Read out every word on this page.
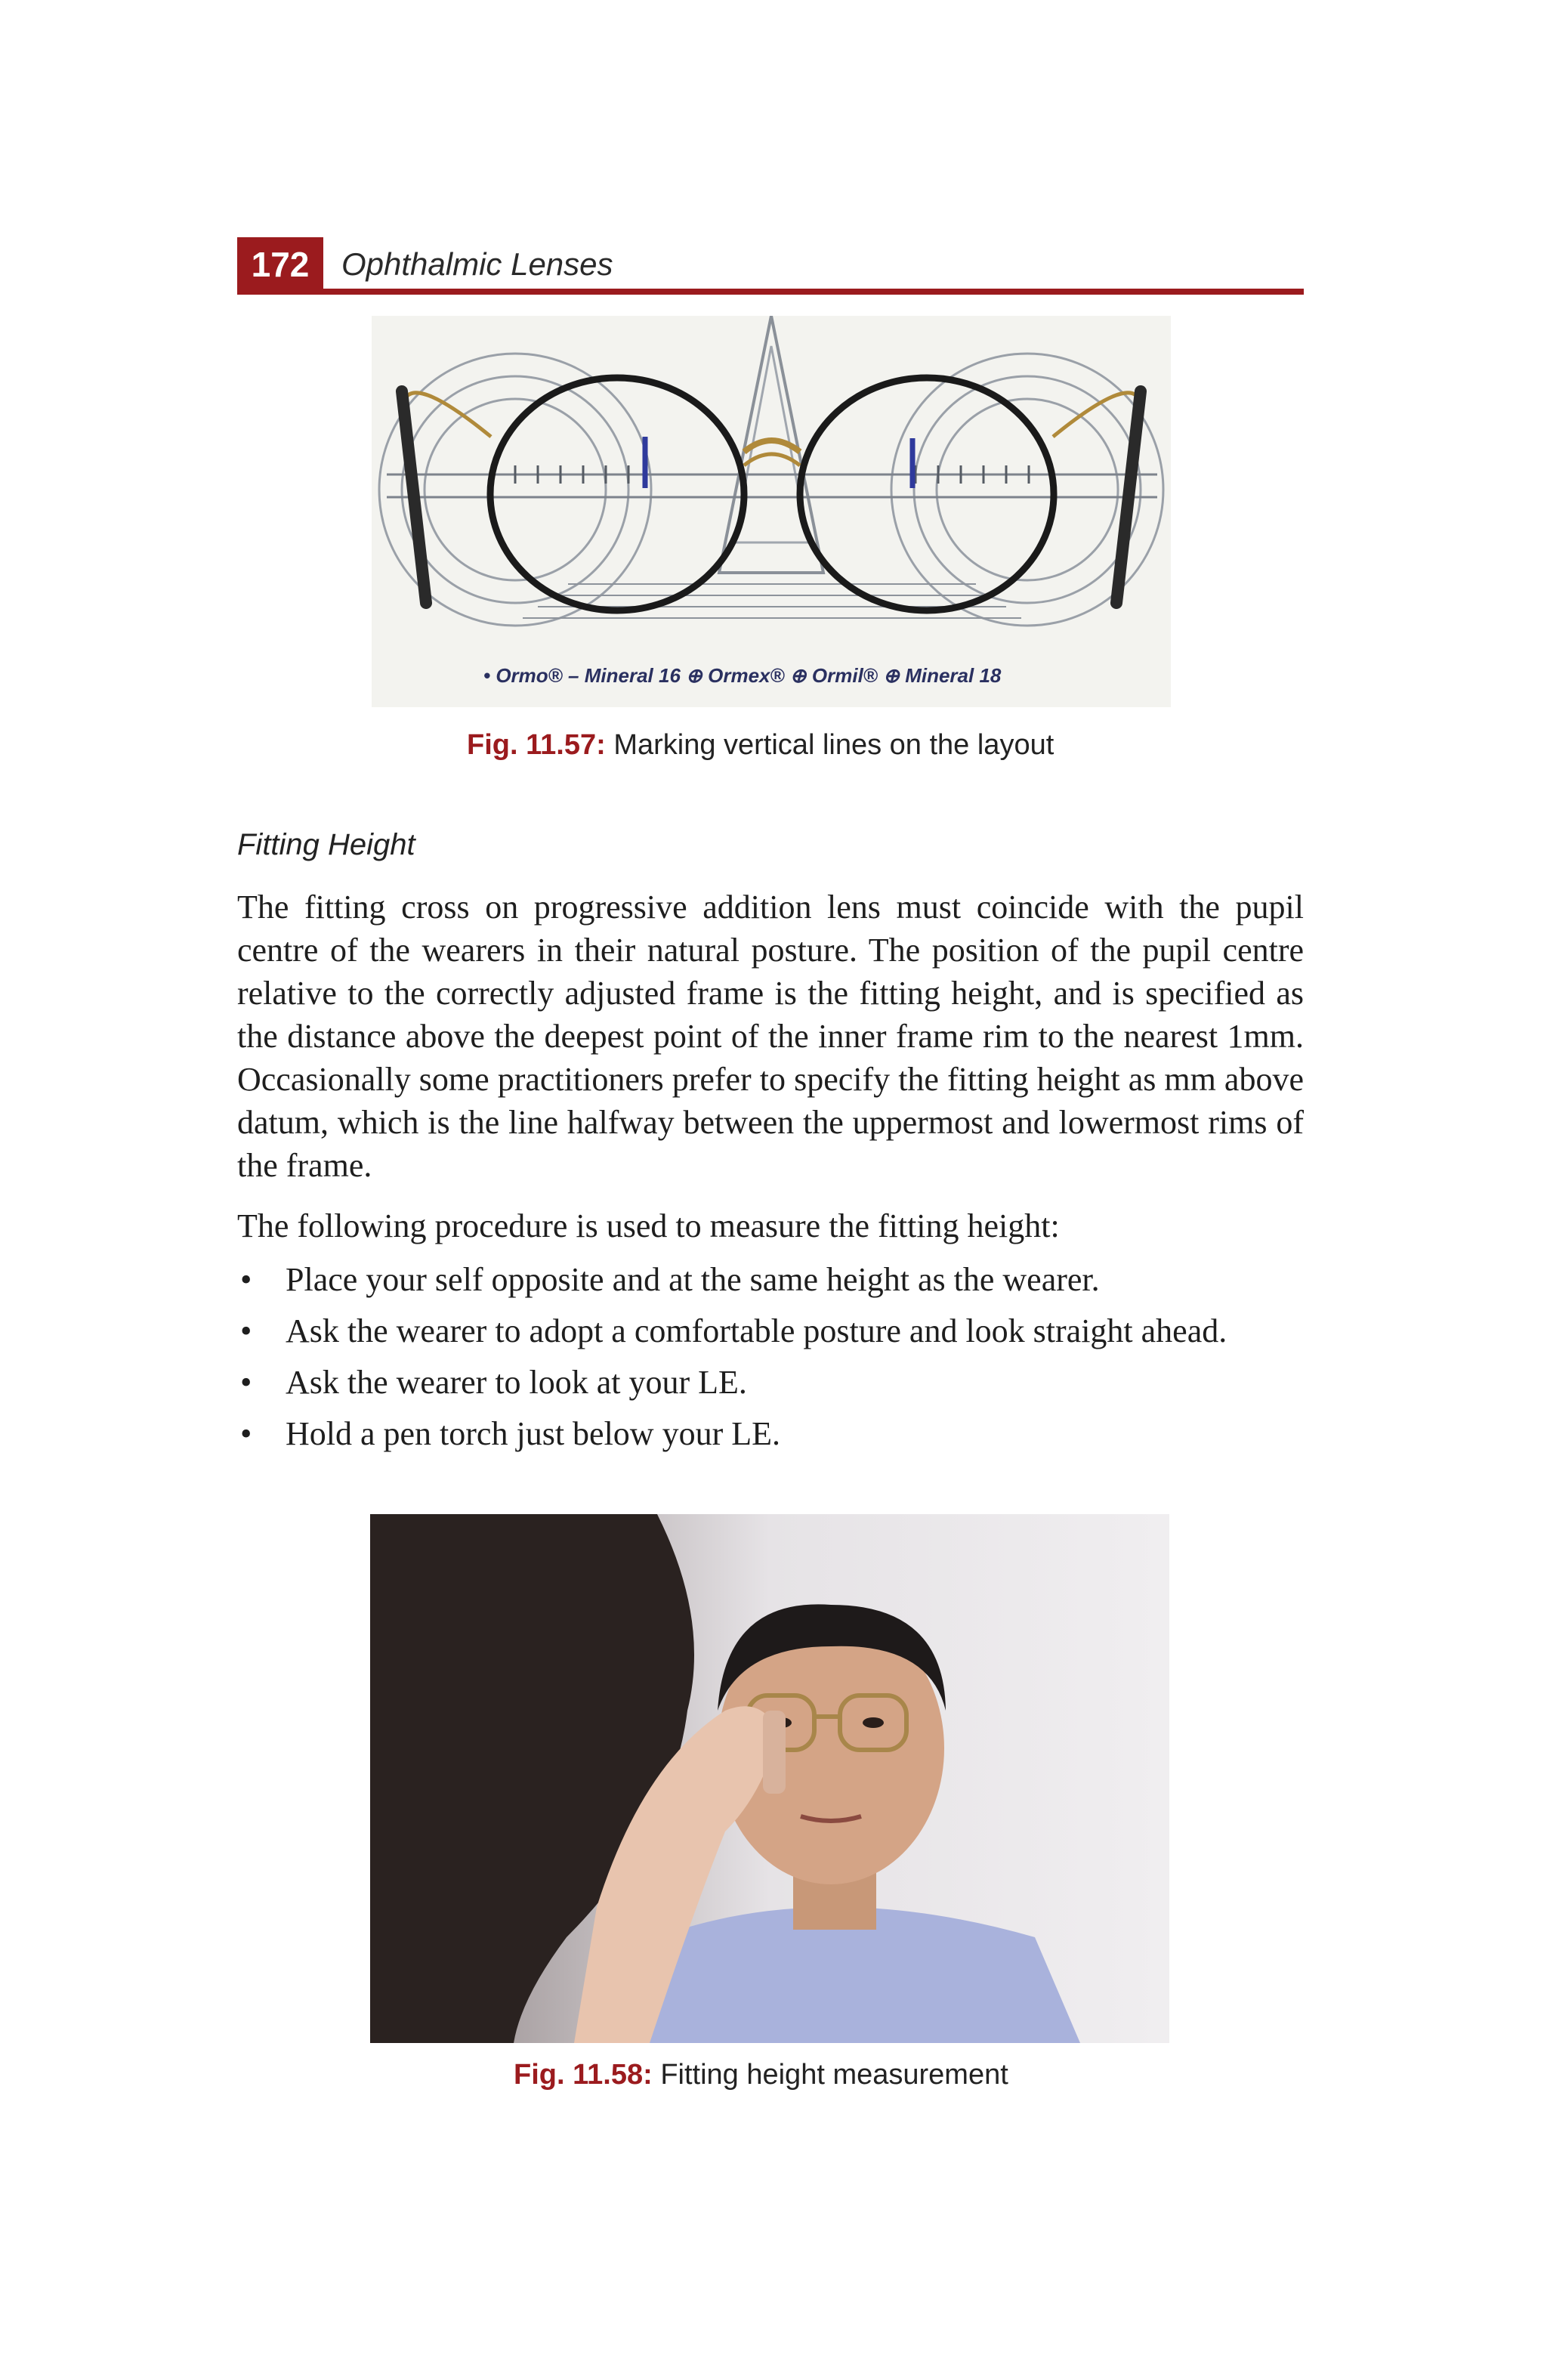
172	Ophthalmic Lenses
• Ormo® – Mineral 16 ⊕ Ormex® ⊕ Ormil® ⊕ Mineral 18
Fig. 11.57: Marking vertical lines on the layout
Fitting Height

The fitting cross on progressive addition lens must coincide with the pupil centre of the wearers in their natural posture. The position of the pupil centre relative to the correctly adjusted frame is the fitting height, and is specified as the distance above the deepest point of the inner frame rim to the nearest 1mm. Occasionally some practitioners prefer to specify the fitting height as mm above datum, which is the line halfway between the uppermost and lowermost rims of the frame.

The following procedure is used to measure the fitting height:

• Place your self opposite and at the same height as the wearer.
• Ask the wearer to adopt a comfortable posture and look straight ahead.
• Ask the wearer to look at your LE.
• Hold a pen torch just below your LE.
Fig. 11.58: Fitting height measurement
